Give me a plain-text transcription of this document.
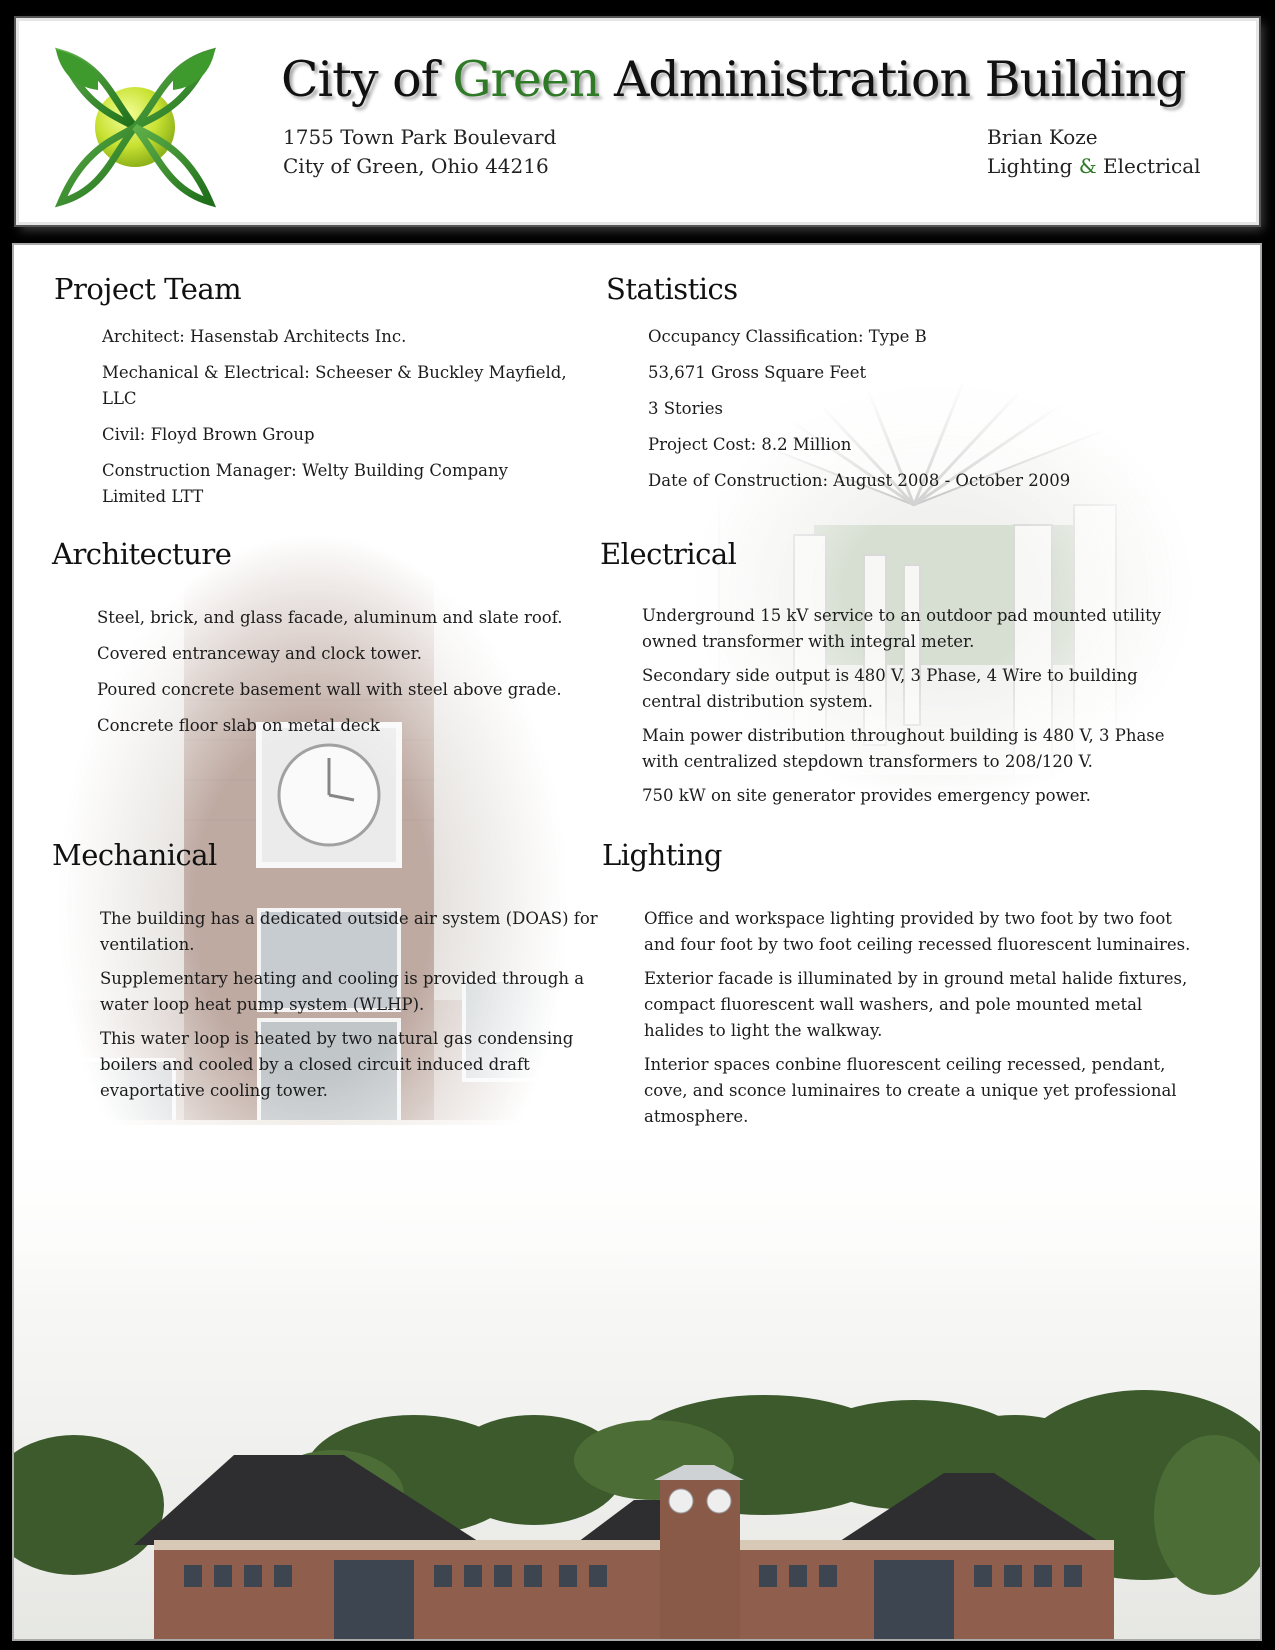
City of Green Administration Building
1755 Town Park Boulevard
City of Green, Ohio 44216
Brian Koze
Lighting & Electrical
Project Team
Architect: Hasenstab Architects Inc.
Mechanical & Electrical: Scheeser & Buckley Mayfield, LLC
Civil: Floyd Brown Group
Construction Manager: Welty Building Company Limited LTT
Statistics
Occupancy Classification: Type B
53,671 Gross Square Feet
3 Stories
Project Cost: 8.2 Million
Date of Construction: August 2008 - October 2009
Architecture
Steel, brick, and glass facade, aluminum and slate roof.
Covered entranceway and clock tower.
Poured concrete basement wall with steel above grade.
Concrete floor slab on metal deck
Electrical
Underground 15 kV service to an outdoor pad mounted utility owned transformer with integral meter.
Secondary side output is 480 V, 3 Phase, 4 Wire to building central distribution system.
Main power distribution throughout building is 480 V, 3 Phase with centralized stepdown transformers to 208/120 V.
750 kW on site generator provides emergency power.
Mechanical
The building has a dedicated outside air system (DOAS) for ventilation.
Supplementary heating and cooling is provided through a water loop heat pump system (WLHP).
This water loop is heated by two natural gas condensing boilers and cooled by a closed circuit induced draft evaportative cooling tower.
Lighting
Office and workspace lighting provided by two foot by two foot and four foot by two foot ceiling recessed fluorescent luminaires.
Exterior facade is illuminated by in ground metal halide fixtures, compact fluorescent wall washers, and pole mounted metal halides to light the walkway.
Interior spaces conbine fluorescent ceiling recessed, pendant, cove, and sconce luminaires to create a unique yet professional atmosphere.
